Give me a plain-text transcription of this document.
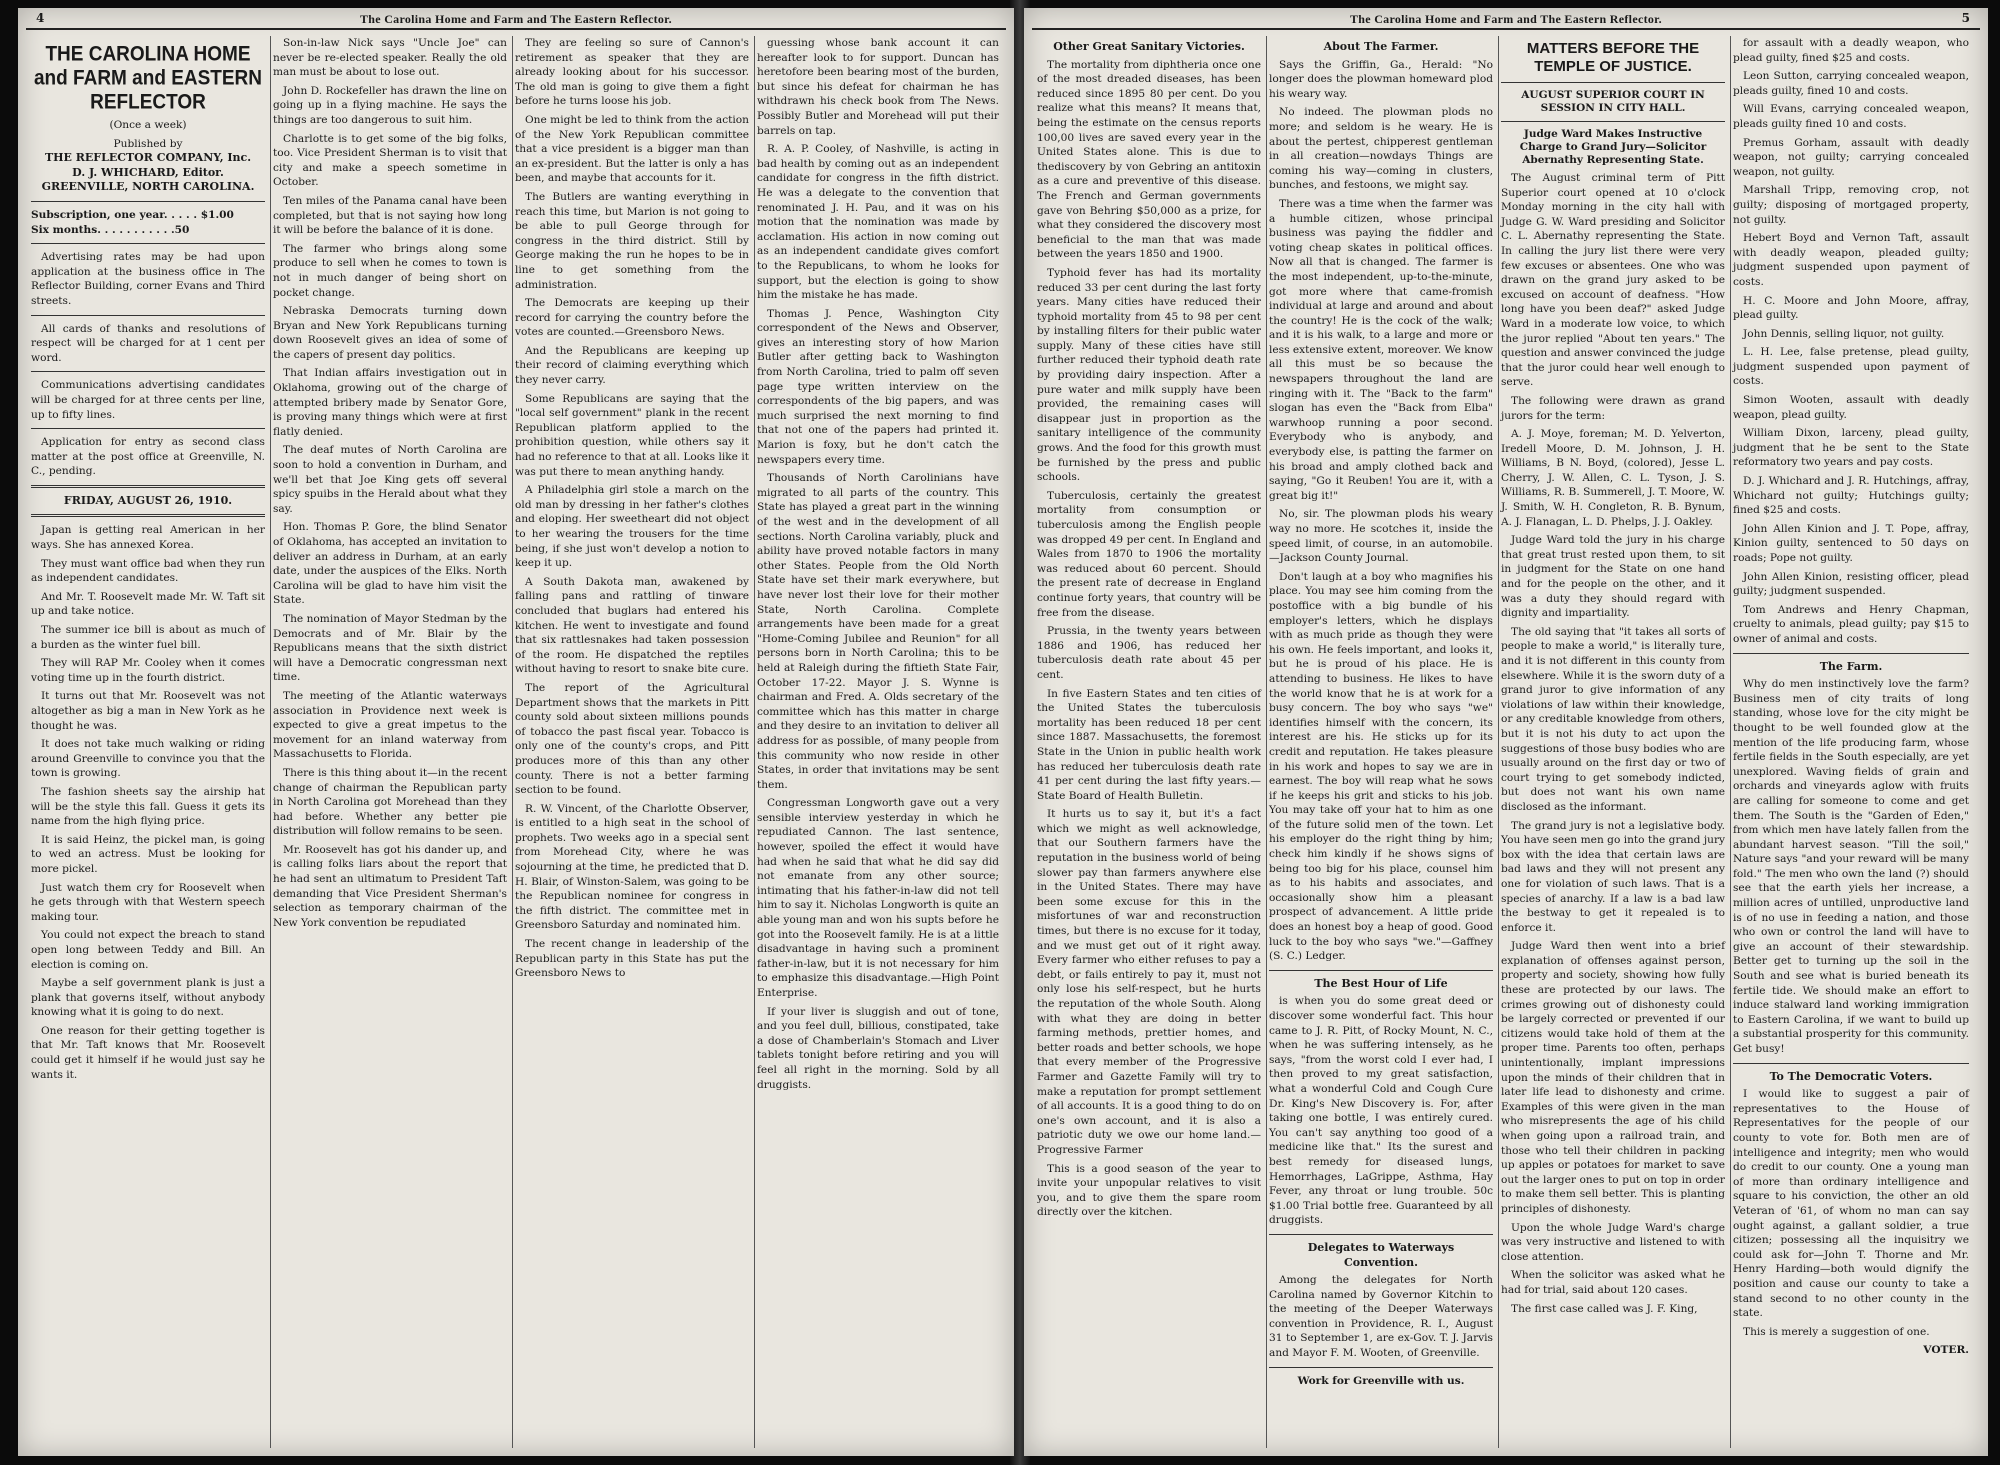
The Carolina Home and Farm and The Eastern Reflector.
4
THE CAROLINA HOME and FARM and EASTERN REFLECTOR

(Once a week)

Published by

THE REFLECTOR COMPANY, Inc.

D. J. WHICHARD, Editor.

GREENVILLE, NORTH CAROLINA.

Subscription, one year. . . . . $1.00

Six months. . . . . . . . . . .50

Advertising rates may be had upon application at the business office in The Reflector Building, corner Evans and Third streets.

All cards of thanks and resolutions of respect will be charged for at 1 cent per word.

Communications advertising candidates will be charged for at three cents per line, up to fifty lines.

Application for entry as second class matter at the post office at Greenville, N. C., pending.

FRIDAY, AUGUST 26, 1910.

Japan is getting real American in her ways. She has annexed Korea.

They must want office bad when they run as independent candidates.

And Mr. T. Roosevelt made Mr. W. Taft sit up and take notice.

The summer ice bill is about as much of a burden as the winter fuel bill.

They will RAP Mr. Cooley when it comes voting time up in the fourth district.

It turns out that Mr. Roosevelt was not altogether as big a man in New York as he thought he was.

It does not take much walking or riding around Greenville to convince you that the town is growing.

The fashion sheets say the airship hat will be the style this fall. Guess it gets its name from the high flying price.

It is said Heinz, the pickel man, is going to wed an actress. Must be looking for more pickel.

Just watch them cry for Roosevelt when he gets through with that Western speech making tour.

You could not expect the breach to stand open long between Teddy and Bill. An election is coming on.

Maybe a self government plank is just a plank that governs itself, without anybody knowing what it is going to do next.

One reason for their getting together is that Mr. Taft knows that Mr. Roosevelt could get it himself if he would just say he wants it.

Son-in-law Nick says "Uncle Joe" can never be re-elected speaker. Really the old man must be about to lose out.

John D. Rockefeller has drawn the line on going up in a flying machine. He says the things are too dangerous to suit him.

Charlotte is to get some of the big folks, too. Vice President Sherman is to visit that city and make a speech sometime in October.

Ten miles of the Panama canal have been completed, but that is not saying how long it will be before the balance of it is done.

The farmer who brings along some produce to sell when he comes to town is not in much danger of being short on pocket change.

Nebraska Democrats turning down Bryan and New York Republicans turning down Roosevelt gives an idea of some of the capers of present day politics.

That Indian affairs investigation out in Oklahoma, growing out of the charge of attempted bribery made by Senator Gore, is proving many things which were at first flatly denied.

The deaf mutes of North Carolina are soon to hold a convention in Durham, and we'll bet that Joe King gets off several spicy spuibs in the Herald about what they say.

Hon. Thomas P. Gore, the blind Senator of Oklahoma, has accepted an invitation to deliver an address in Durham, at an early date, under the auspices of the Elks. North Carolina will be glad to have him visit the State.

The nomination of Mayor Stedman by the Democrats and of Mr. Blair by the Republicans means that the sixth district will have a Democratic congressman next time.

The meeting of the Atlantic waterways association in Providence next week is expected to give a great impetus to the movement for an inland waterway from Massachusetts to Florida.

There is this thing about it—in the recent change of chairman the Republican party in North Carolina got Morehead than they had before. Whether any better pie distribution will follow remains to be seen.

Mr. Roosevelt has got his dander up, and is calling folks liars about the report that he had sent an ultimatum to President Taft demanding that Vice President Sherman's selection as temporary chairman of the New York convention be repudiated

They are feeling so sure of Cannon's retirement as speaker that they are already looking about for his successor. The old man is going to give them a fight before he turns loose his job.

One might be led to think from the action of the New York Republican committee that a vice president is a bigger man than an ex-president. But the latter is only a has been, and maybe that accounts for it.

The Butlers are wanting everything in reach this time, but Marion is not going to be able to pull George through for congress in the third district. Still by George making the run he hopes to be in line to get something from the administration.

The Democrats are keeping up their record for carrying the country before the votes are counted.—Greensboro News.

And the Republicans are keeping up their record of claiming everything which they never carry.

Some Republicans are saying that the "local self government" plank in the recent Republican platform applied to the prohibition question, while others say it had no reference to that at all. Looks like it was put there to mean anything handy.

A Philadelphia girl stole a march on the old man by dressing in her father's clothes and eloping. Her sweetheart did not object to her wearing the trousers for the time being, if she just won't develop a notion to keep it up.

A South Dakota man, awakened by falling pans and rattling of tinware concluded that buglars had entered his kitchen. He went to investigate and found that six rattlesnakes had taken possession of the room. He dispatched the reptiles without having to resort to snake bite cure.

The report of the Agricultural Department shows that the markets in Pitt county sold about sixteen millions pounds of tobacco the past fiscal year. Tobacco is only one of the county's crops, and Pitt produces more of this than any other county. There is not a better farming section to be found.

R. W. Vincent, of the Charlotte Observer, is entitled to a high seat in the school of prophets. Two weeks ago in a special sent from Morehead City, where he was sojourning at the time, he predicted that D. H. Blair, of Winston-Salem, was going to be the Republican nominee for congress in the fifth district. The committee met in Greensboro Saturday and nominated him.

The recent change in leadership of the Republican party in this State has put the Greensboro News to

guessing whose bank account it can hereafter look to for support. Duncan has heretofore been bearing most of the burden, but since his defeat for chairman he has withdrawn his check book from The News. Possibly Butler and Morehead will put their barrels on tap.

R. A. P. Cooley, of Nashville, is acting in bad health by coming out as an independent candidate for congress in the fifth district. He was a delegate to the convention that renominated J. H. Pau, and it was on his motion that the nomination was made by acclamation. His action in now coming out as an independent candidate gives comfort to the Republicans, to whom he looks for support, but the election is going to show him the mistake he has made.

Thomas J. Pence, Washington City correspondent of the News and Observer, gives an interesting story of how Marion Butler after getting back to Washington from North Carolina, tried to palm off seven page type written interview on the correspondents of the big papers, and was much surprised the next morning to find that not one of the papers had printed it. Marion is foxy, but he don't catch the newspapers every time.

Thousands of North Carolinians have migrated to all parts of the country. This State has played a great part in the winning of the west and in the development of all sections. North Carolina variably, pluck and ability have proved notable factors in many other States. People from the Old North State have set their mark everywhere, but have never lost their love for their mother State, North Carolina. Complete arrangements have been made for a great "Home-Coming Jubilee and Reunion" for all persons born in North Carolina; this to be held at Raleigh during the fiftieth State Fair, October 17-22. Mayor J. S. Wynne is chairman and Fred. A. Olds secretary of the committee which has this matter in charge and they desire to an invitation to deliver all address for as possible, of many people from this community who now reside in other States, in order that invitations may be sent them.

Congressman Longworth gave out a very sensible interview yesterday in which he repudiated Cannon. The last sentence, however, spoiled the effect it would have had when he said that what he did say did not emanate from any other source; intimating that his father-in-law did not tell him to say it. Nicholas Longworth is quite an able young man and won his supts before he got into the Roosevelt family. He is at a little disadvantage in having such a prominent father-in-law, but it is not necessary for him to emphasize this disadvantage.—High Point Enterprise.

If your liver is sluggish and out of tone, and you feel dull, billious, constipated, take a dose of Chamberlain's Stomach and Liver tablets tonight before retiring and you will feel all right in the morning. Sold by all druggists.

The Carolina Home and Farm and The Eastern Reflector.	5
Other Great Sanitary Victories.

The mortality from diphtheria once one of the most dreaded diseases, has been reduced since 1895 80 per cent. Do you realize what this means? It means that, being the estimate on the census reports 100,00 lives are saved every year in the United States alone. This is due to thediscovery by von Gebring an antitoxin as a cure and preventive of this disease. The French and German governments gave von Behring $50,000 as a prize, for what they considered the discovery most beneficial to the man that was made between the years 1850 and 1900.

Typhoid fever has had its mortality reduced 33 per cent during the last forty years. Many cities have reduced their typhoid mortality from 45 to 98 per cent by installing filters for their public water supply. Many of these cities have still further reduced their typhoid death rate by providing dairy inspection. After a pure water and milk supply have been provided, the remaining cases will disappear just in proportion as the sanitary intelligence of the community grows. And the food for this growth must be furnished by the press and public schools.

Tuberculosis, certainly the greatest mortality from consumption or tuberculosis among the English people was dropped 49 per cent. In England and Wales from 1870 to 1906 the mortality was reduced about 60 percent. Should the present rate of decrease in England continue forty years, that country will be free from the disease.

Prussia, in the twenty years between 1886 and 1906, has reduced her tuberculosis death rate about 45 per cent.

In five Eastern States and ten cities of the United States the tuberculosis mortality has been reduced 18 per cent since 1887. Massachusetts, the foremost State in the Union in public health work has reduced her tuberculosis death rate 41 per cent during the last fifty years.—State Board of Health Bulletin.

It hurts us to say it, but it's a fact which we might as well acknowledge, that our Southern farmers have the reputation in the business world of being slower pay than farmers anywhere else in the United States. There may have been some excuse for this in the misfortunes of war and reconstruction times, but there is no excuse for it today, and we must get out of it right away. Every farmer who either refuses to pay a debt, or fails entirely to pay it, must not only lose his self-respect, but he hurts the reputation of the whole South. Along with what they are doing in better farming methods, prettier homes, and better roads and better schools, we hope that every member of the Progressive Farmer and Gazette Family will try to make a reputation for prompt settlement of all accounts. It is a good thing to do on one's own account, and it is also a patriotic duty we owe our home land.—Progressive Farmer

This is a good season of the year to invite your unpopular relatives to visit you, and to give them the spare room directly over the kitchen.

About The Farmer.

Says the Griffin, Ga., Herald: "No longer does the plowman homeward plod his weary way.

No indeed. The plowman plods no more; and seldom is he weary. He is about the pertest, chipperest gentleman in all creation—nowdays Things are coming his way—coming in clusters, bunches, and festoons, we might say.

There was a time when the farmer was a humble citizen, whose principal business was paying the fiddler and voting cheap skates in political offices. Now all that is changed. The farmer is the most independent, up-to-the-minute, got more where that came-fromish individual at large and around and about the country! He is the cock of the walk; and it is his walk, to a large and more or less extensive extent, moreover. We know all this must be so because the newspapers throughout the land are ringing with it. The "Back to the farm" slogan has even the "Back from Elba" warwhoop running a poor second. Everybody who is anybody, and everybody else, is patting the farmer on his broad and amply clothed back and saying, "Go it Reuben! You are it, with a great big it!"

No, sir. The plowman plods his weary way no more. He scotches it, inside the speed limit, of course, in an automobile.—Jackson County Journal.

Don't laugh at a boy who magnifies his place. You may see him coming from the postoffice with a big bundle of his employer's letters, which he displays with as much pride as though they were his own. He feels important, and looks it, but he is proud of his place. He is attending to business. He likes to have the world know that he is at work for a busy concern. The boy who says "we" identifies himself with the concern, its interest are his. He sticks up for its credit and reputation. He takes pleasure in his work and hopes to say we are in earnest. The boy will reap what he sows if he keeps his grit and sticks to his job. You may take off your hat to him as one of the future solid men of the town. Let his employer do the right thing by him; check him kindly if he shows signs of being too big for his place, counsel him as to his habits and associates, and occasionally show him a pleasant prospect of advancement. A little pride does an honest boy a heap of good. Good luck to the boy who says "we."—Gaffney (S. C.) Ledger.

The Best Hour of Life

is when you do some great deed or discover some wonderful fact. This hour came to J. R. Pitt, of Rocky Mount, N. C., when he was suffering intensely, as he says, "from the worst cold I ever had, I then proved to my great satisfaction, what a wonderful Cold and Cough Cure Dr. King's New Discovery is. For, after taking one bottle, I was entirely cured. You can't say anything too good of a medicine like that." Its the surest and best remedy for diseased lungs, Hemorrhages, LaGrippe, Asthma, Hay Fever, any throat or lung trouble. 50c $1.00 Trial bottle free. Guaranteed by all druggists.

Delegates to Waterways Convention.

Among the delegates for North Carolina named by Governor Kitchin to the meeting of the Deeper Waterways convention in Providence, R. I., August 31 to September 1, are ex-Gov. T. J. Jarvis and Mayor F. M. Wooten, of Greenville.

Work for Greenville with us.

MATTERS BEFORE THE TEMPLE OF JUSTICE.
AUGUST SUPERIOR COURT IN SESSION IN CITY HALL.
Judge Ward Makes Instructive Charge to Grand Jury—Solicitor Abernathy Representing State.

The August criminal term of Pitt Superior court opened at 10 o'clock Monday morning in the city hall with Judge G. W. Ward presiding and Solicitor C. L. Abernathy representing the State. In calling the jury list there were very few excuses or absentees. One who was drawn on the grand jury asked to be excused on account of deafness. "How long have you been deaf?" asked Judge Ward in a moderate low voice, to which the juror replied "About ten years." The question and answer convinced the judge that the juror could hear well enough to serve.

The following were drawn as grand jurors for the term:

A. J. Moye, foreman; M. D. Yelverton, Iredell Moore, D. M. Johnson, J. H. Williams, B N. Boyd, (colored), Jesse L. Cherry, J. W. Allen, C. L. Tyson, J. S. Williams, R. B. Summerell, J. T. Moore, W. J. Smith, W. H. Congleton, R. B. Bynum, A. J. Flanagan, L. D. Phelps, J. J. Oakley.

Judge Ward told the jury in his charge that great trust rested upon them, to sit in judgment for the State on one hand and for the people on the other, and it was a duty they should regard with dignity and impartiality.

The old saying that "it takes all sorts of people to make a world," is literally ture, and it is not different in this county from elsewhere. While it is the sworn duty of a grand juror to give information of any violations of law within their knowledge, or any creditable knowledge from others, but it is not his duty to act upon the suggestions of those busy bodies who are usually around on the first day or two of court trying to get somebody indicted, but does not want his own name disclosed as the informant.

The grand jury is not a legislative body. You have seen men go into the grand jury box with the idea that certain laws are bad laws and they will not present any one for violation of such laws. That is a species of anarchy. If a law is a bad law the bestway to get it repealed is to enforce it.

Judge Ward then went into a brief explanation of offenses against person, property and society, showing how fully these are protected by our laws. The crimes growing out of dishonesty could be largely corrected or prevented if our citizens would take hold of them at the proper time. Parents too often, perhaps unintentionally, implant impressions upon the minds of their children that in later life lead to dishonesty and crime. Examples of this were given in the man who misrepresents the age of his child when going upon a railroad train, and those who tell their children in packing up apples or potatoes for market to save out the larger ones to put on top in order to make them sell better. This is planting principles of dishonesty.

Upon the whole Judge Ward's charge was very instructive and listened to with close attention.

When the solicitor was asked what he had for trial, said about 120 cases.

The first case called was J. F. King,

for assault with a deadly weapon, who plead guilty, fined $25 and costs.

Leon Sutton, carrying concealed weapon, pleads guilty, fined 10 and costs.

Will Evans, carrying concealed weapon, pleads guilty fined 10 and costs.

Premus Gorham, assault with deadly weapon, not guilty; carrying concealed weapon, not guilty.

Marshall Tripp, removing crop, not guilty; disposing of mortgaged property, not guilty.

Hebert Boyd and Vernon Taft, assault with deadly weapon, pleaded guilty; judgment suspended upon payment of costs.

H. C. Moore and John Moore, affray, plead guilty.

John Dennis, selling liquor, not guilty.

L. H. Lee, false pretense, plead guilty, judgment suspended upon payment of costs.

Simon Wooten, assault with deadly weapon, plead guilty.

William Dixon, larceny, plead guilty, judgment that he be sent to the State reformatory two years and pay costs.

D. J. Whichard and J. R. Hutchings, affray, Whichard not guilty; Hutchings guilty; fined $25 and costs.

John Allen Kinion and J. T. Pope, affray, Kinion guilty, sentenced to 50 days on roads; Pope not guilty.

John Allen Kinion, resisting officer, plead guilty; judgment suspended.

Tom Andrews and Henry Chapman, cruelty to animals, plead guilty; pay $15 to owner of animal and costs.

The Farm.

Why do men instinctively love the farm? Business men of city traits of long standing, whose love for the city might be thought to be well founded glow at the mention of the life producing farm, whose fertile fields in the South especially, are yet unexplored. Waving fields of grain and orchards and vineyards aglow with fruits are calling for someone to come and get them. The South is the "Garden of Eden," from which men have lately fallen from the abundant harvest season. "Till the soil," Nature says "and your reward will be many fold." The men who own the land (?) should see that the earth yiels her increase, a million acres of untilled, unproductive land is of no use in feeding a nation, and those who own or control the land will have to give an account of their stewardship. Better get to turning up the soil in the South and see what is buried beneath its fertile tide. We should make an effort to induce stalward land working immigration to Eastern Carolina, if we want to build up a substantial prosperity for this community. Get busy!

To The Democratic Voters.

I would like to suggest a pair of representatives to the House of Representatives for the people of our county to vote for. Both men are of intelligence and integrity; men who would do credit to our county. One a young man of more than ordinary intelligence and square to his conviction, the other an old Veteran of '61, of whom no man can say ought against, a gallant soldier, a true citizen; possessing all the inquisitry we could ask for—John T. Thorne and Mr. Henry Harding—both would dignify the position and cause our county to take a stand second to no other county in the state.

This is merely a suggestion of one.

VOTER.
